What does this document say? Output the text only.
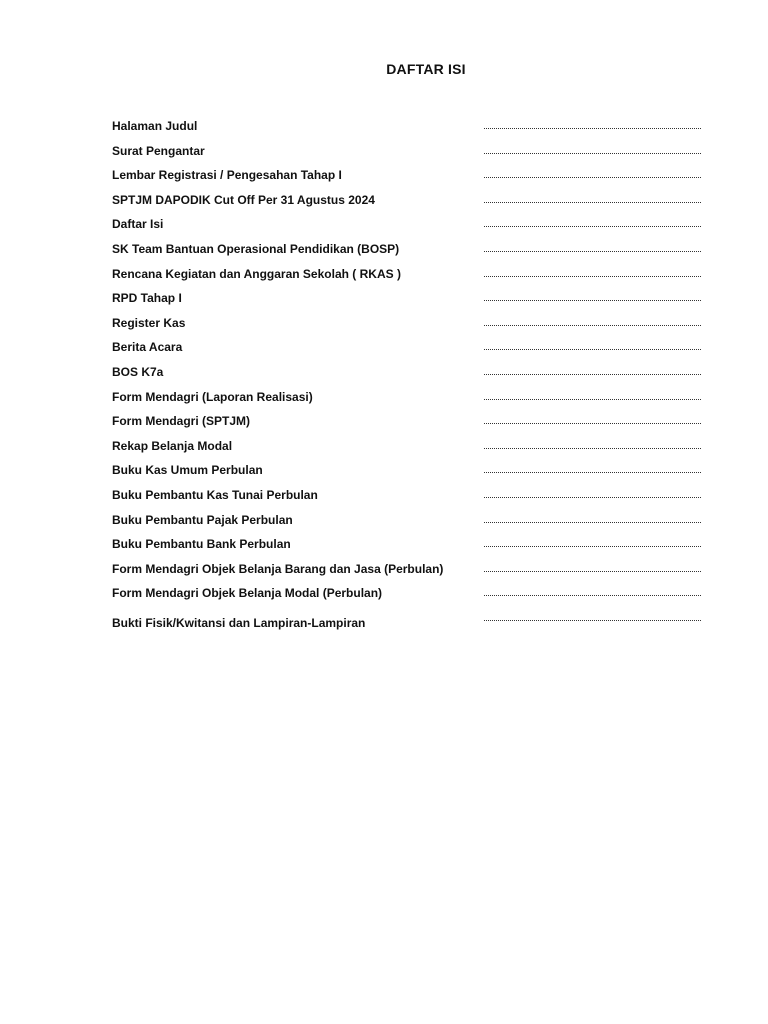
DAFTAR ISI
Halaman Judul
Surat Pengantar
Lembar Registrasi / Pengesahan Tahap I
SPTJM DAPODIK Cut Off Per 31 Agustus 2024
Daftar Isi
SK Team Bantuan Operasional Pendidikan (BOSP)
Rencana Kegiatan dan Anggaran Sekolah ( RKAS )
RPD Tahap I
Register Kas
Berita Acara
BOS K7a
Form Mendagri (Laporan Realisasi)
Form Mendagri (SPTJM)
Rekap Belanja Modal
Buku Kas Umum Perbulan
Buku Pembantu Kas Tunai Perbulan
Buku Pembantu Pajak Perbulan
Buku Pembantu Bank Perbulan
Form Mendagri Objek Belanja Barang dan Jasa (Perbulan)
Form Mendagri Objek Belanja Modal (Perbulan)
Bukti Fisik/Kwitansi dan Lampiran-Lampiran
